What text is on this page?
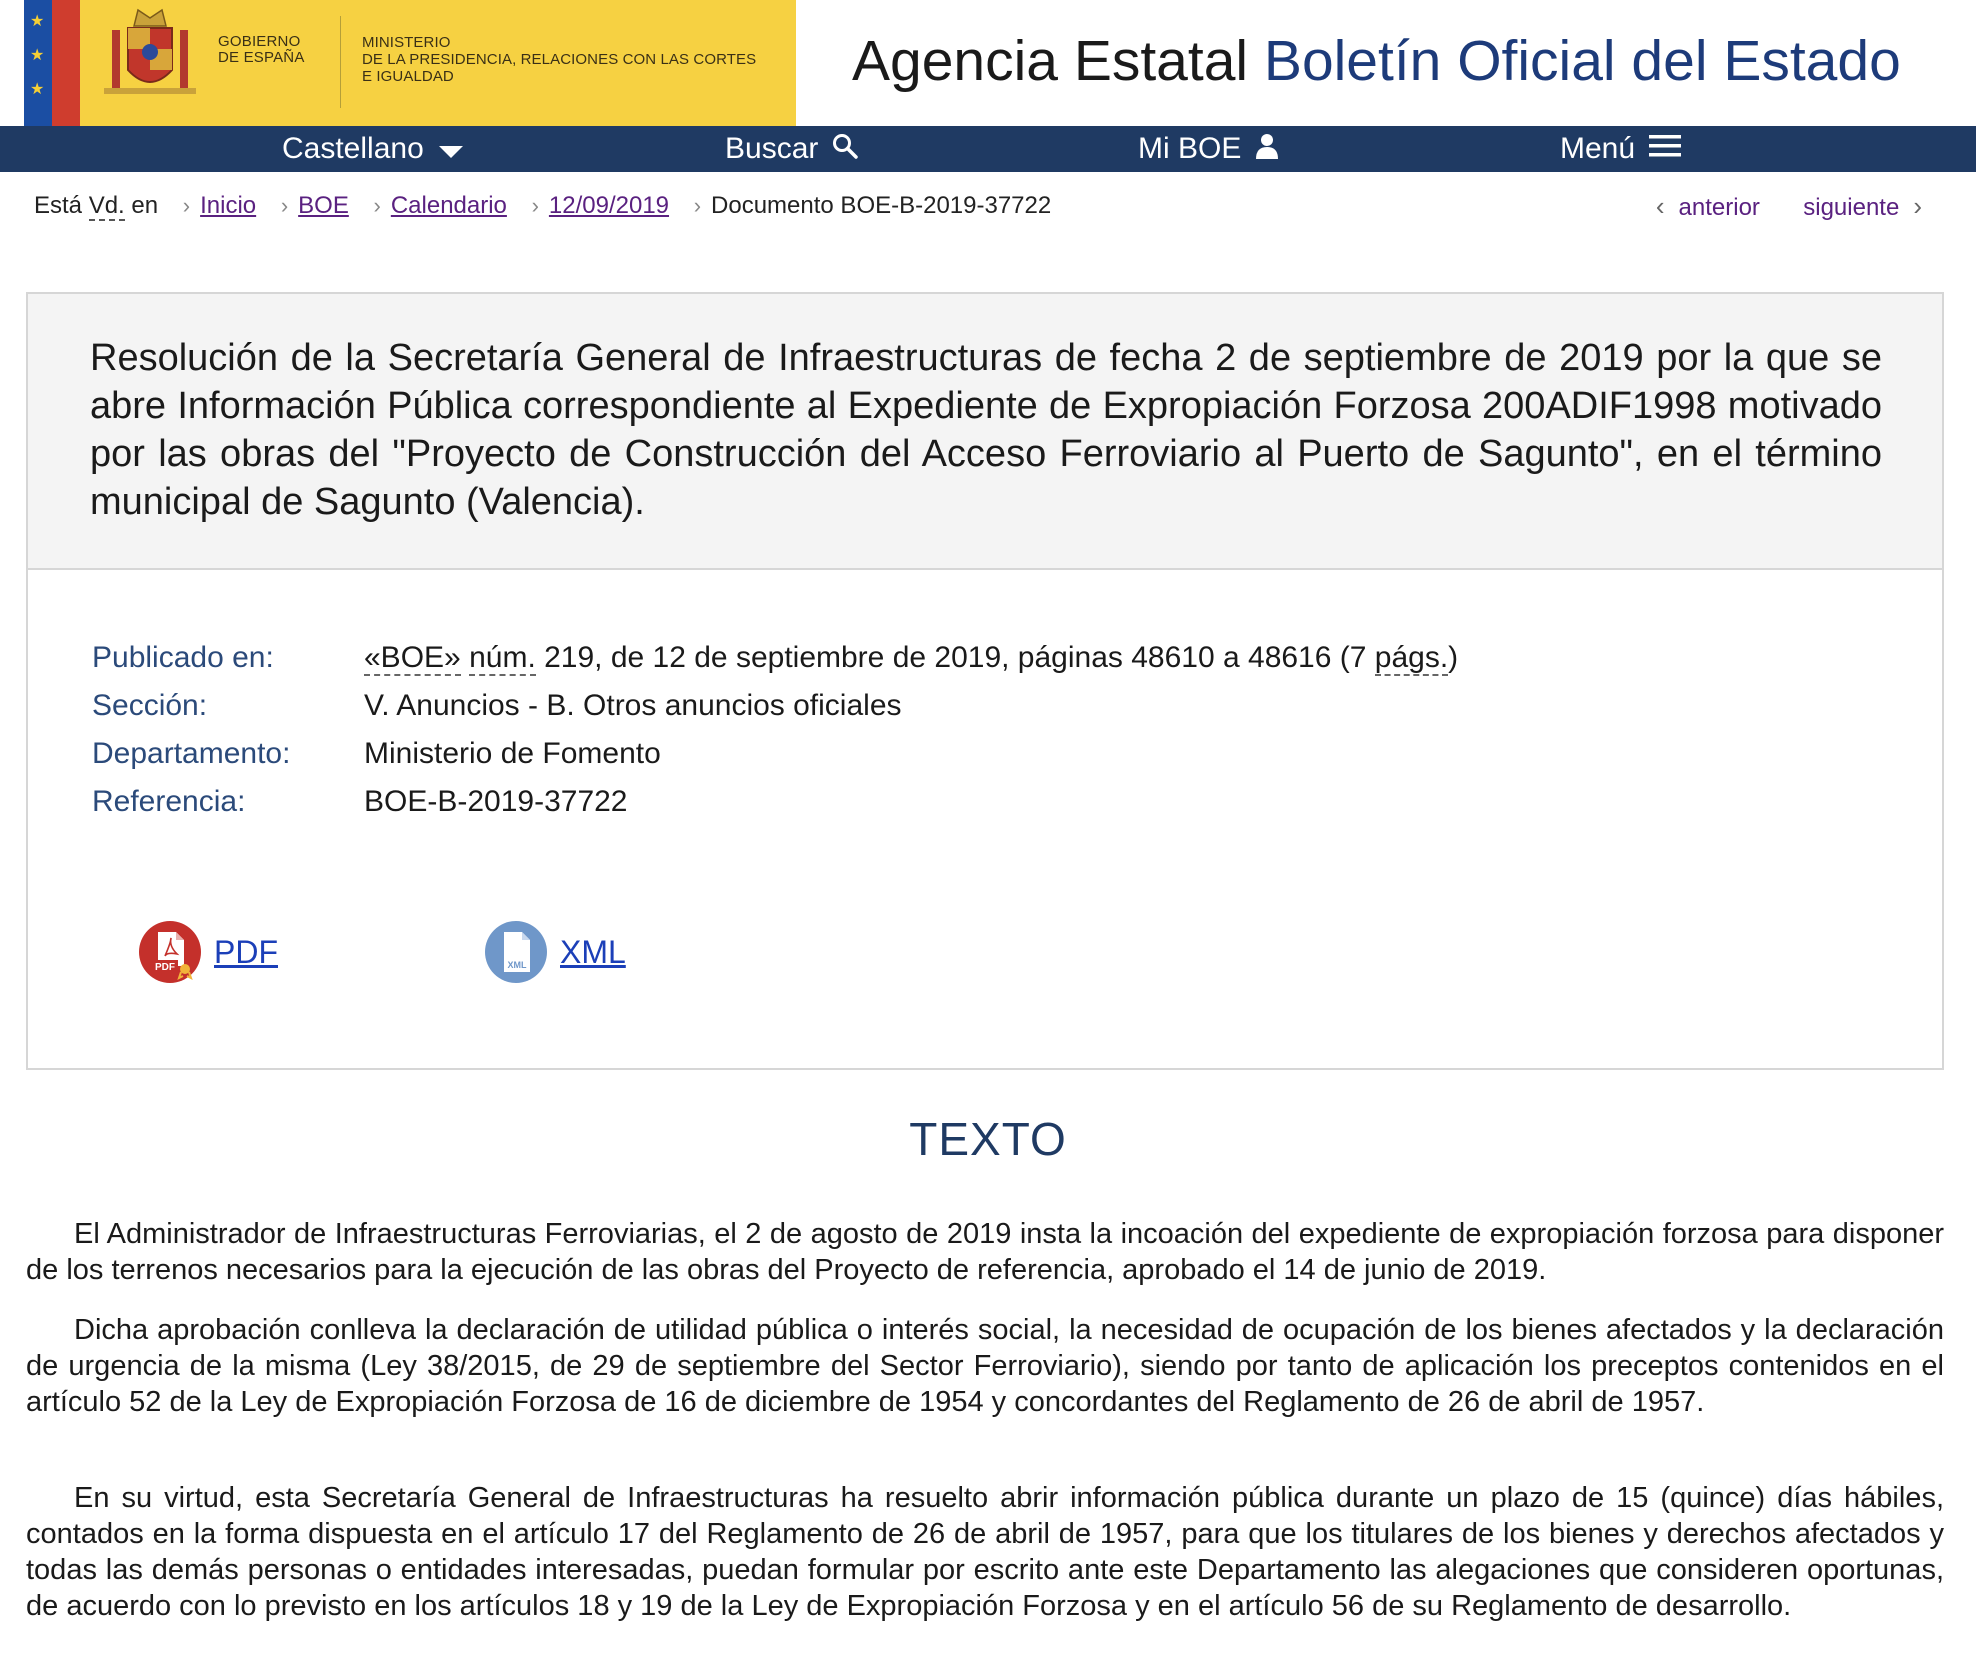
★
★
★
GOBIERNO
DE ESPAÑA
MINISTERIO
DE LA PRESIDENCIA, RELACIONES CON LAS CORTES
E IGUALDAD	Agencia Estatal Boletín Oficial del Estado
Castellano	Buscar	Mi BOE	Menú
Está Vd. en › Inicio › BOE › Calendario › 12/09/2019 › Documento BOE-B-2019-37722	‹ anterior siguiente ›
Resolución de la Secretaría General de Infraestructuras de fecha 2 de septiembre de 2019 por la que se abre Información Pública correspondiente al Expediente de Expropiación Forzosa 200ADIF1998 motivado por las obras del "Proyecto de Construcción del Acceso Ferroviario al Puerto de Sagunto", en el término municipal de Sagunto (Valencia).
Publicado en:	«BOE» núm. 219, de 12 de septiembre de 2019, páginas 48610 a 48616 (7 págs.)
Sección:	V. Anuncios - B. Otros anuncios oficiales
Departamento: Ministerio de Fomento
Referencia:	BOE-B-2019-37722
PDF PDF	XML XML
TEXTO

El Administrador de Infraestructuras Ferroviarias, el 2 de agosto de 2019 insta la incoación del expediente de expropiación forzosa para disponer de los terrenos necesarios para la ejecución de las obras del Proyecto de referencia, aprobado el 14 de junio de 2019.

Dicha aprobación conlleva la declaración de utilidad pública o interés social, la necesidad de ocupación de los bienes afectados y la declaración de urgencia de la misma (Ley 38/2015, de 29 de septiembre del Sector Ferroviario), siendo por tanto de aplicación los preceptos contenidos en el artículo 52 de la Ley de Expropiación Forzosa de 16 de diciembre de 1954 y concordantes del Reglamento de 26 de abril de 1957.

En su virtud, esta Secretaría General de Infraestructuras ha resuelto abrir información pública durante un plazo de 15 (quince) días hábiles, contados en la forma dispuesta en el artículo 17 del Reglamento de 26 de abril de 1957, para que los titulares de los bienes y derechos afectados y todas las demás personas o entidades interesadas, puedan formular por escrito ante este Departamento las alegaciones que consideren oportunas, de acuerdo con lo previsto en los artículos 18 y 19 de la Ley de Expropiación Forzosa y en el artículo 56 de su Reglamento de desarrollo.
